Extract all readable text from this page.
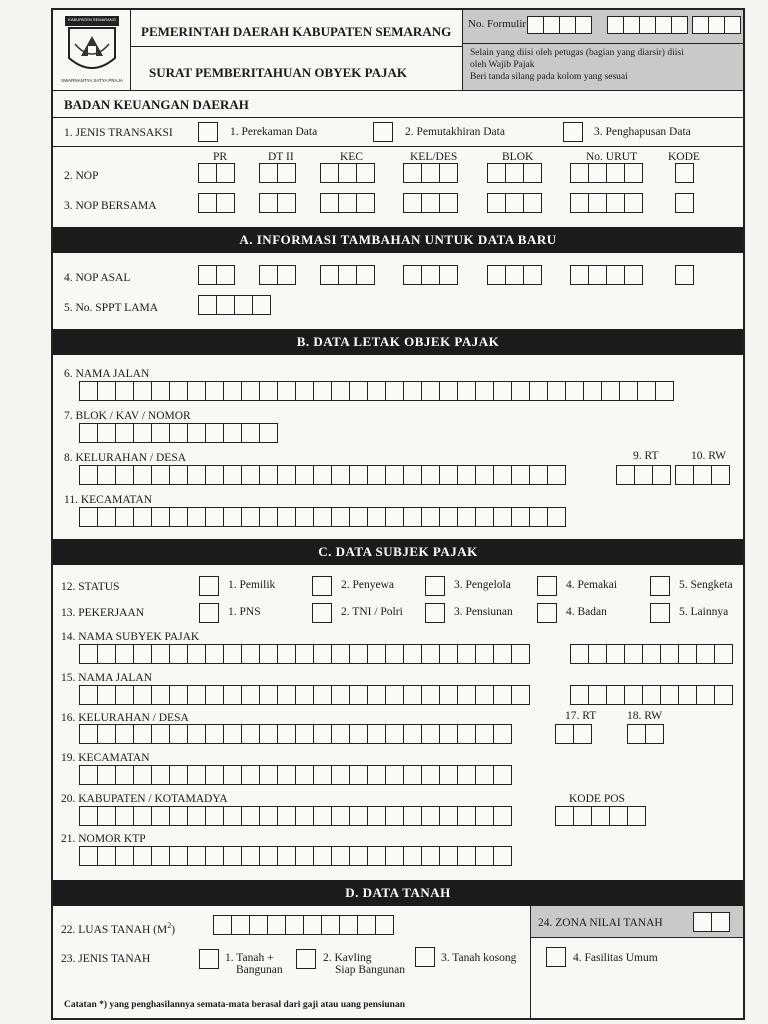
KABUPATEN SEMARANG
SWARNANTYA SATYA PRAJA
PEMERINTAH DAERAH KABUPATEN SEMARANG
SURAT PEMBERITAHUAN OBYEK PAJAK
No. Formulir
Selain yang diisi oleh petugas (bagian yang diarsir) diisi
oleh Wajib Pajak
Beri tanda silang pada kolom yang sesuai
BADAN KEUANGAN DAERAH
1. JENIS TRANSAKSI	1. Perekaman Data	2. Pemutakhiran Data	3. Penghapusan Data
PR	DT II	KEC	KEL/DES	BLOK	No. URUT	KODE
2. NOP
3. NOP BERSAMA
A. INFORMASI TAMBAHAN UNTUK DATA BARU
4. NOP ASAL
5. No. SPPT LAMA
B. DATA LETAK OBJEK PAJAK
6. NAMA JALAN
7. BLOK / KAV / NOMOR
8. KELURAHAN / DESA	9. RT	10. RW
11. KECAMATAN
C. DATA SUBJEK PAJAK
12. STATUS	1. Pemilik	2. Penyewa	3. Pengelola	4. Pemakai	5. Sengketa
13. PEKERJAAN	1. PNS	2. TNI / Polri	3. Pensiunan	4. Badan	5. Lainnya
14. NAMA SUBYEK PAJAK
15. NAMA JALAN
16. KELURAHAN / DESA	17. RT	18. RW
19. KECAMATAN
20. KABUPATEN / KOTAMADYA	KODE POS
21. NOMOR KTP
D. DATA TANAH
22. LUAS TANAH $(M^2)$
24. ZONA NILAI TANAH
23. JENIS TANAH	1. Tanah +
Bangunan
2. Kavling
Siap Bangunan
3. Tanah kosong	4. Fasilitas Umum
Catatan *) yang penghasilannya semata-mata berasal dari gaji atau uang pensiunan
